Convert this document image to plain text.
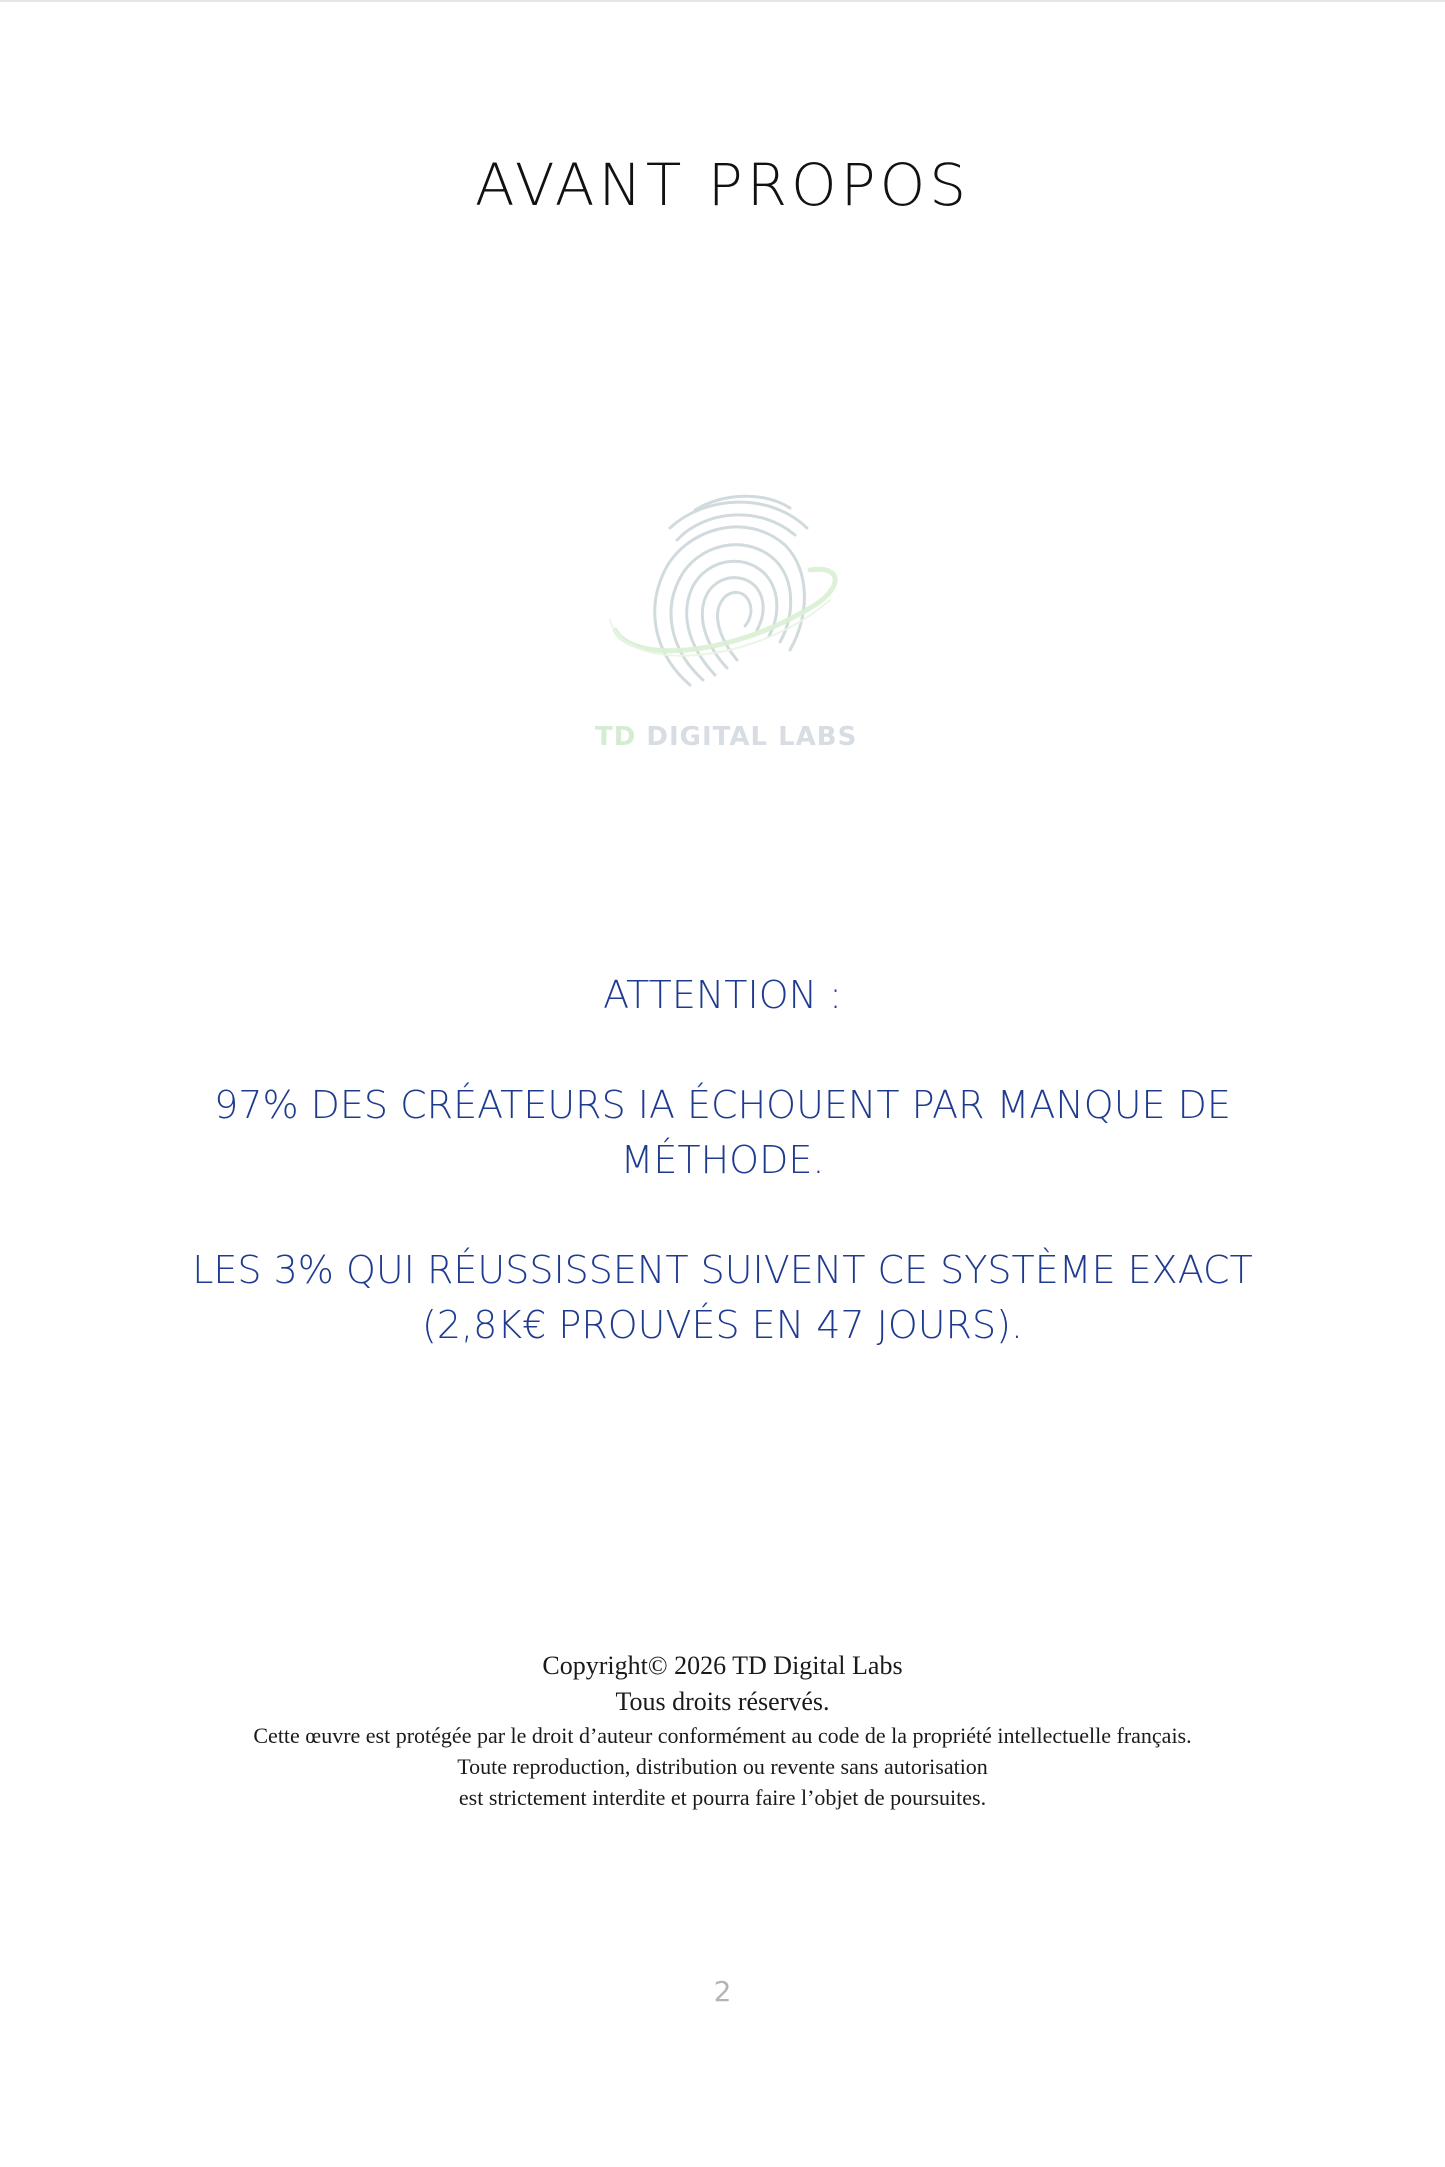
AVANT PROPOS
TD DIGITAL LABS

ATTENTION :

97% DES CRÉATEURS IA ÉCHOUENT PAR MANQUE DE

MÉTHODE.

LES 3% QUI RÉUSSISSENT SUIVENT CE SYSTÈME EXACT

(2,8K€ PROUVÉS EN 47 JOURS).

Copyright© 2026 TD Digital Labs
Tous droits réservés.
Cette œuvre est protégée par le droit d’auteur conformément au code de la propriété intellectuelle français.
Toute reproduction, distribution ou revente sans autorisation
est strictement interdite et pourra faire l’objet de poursuites.
2
